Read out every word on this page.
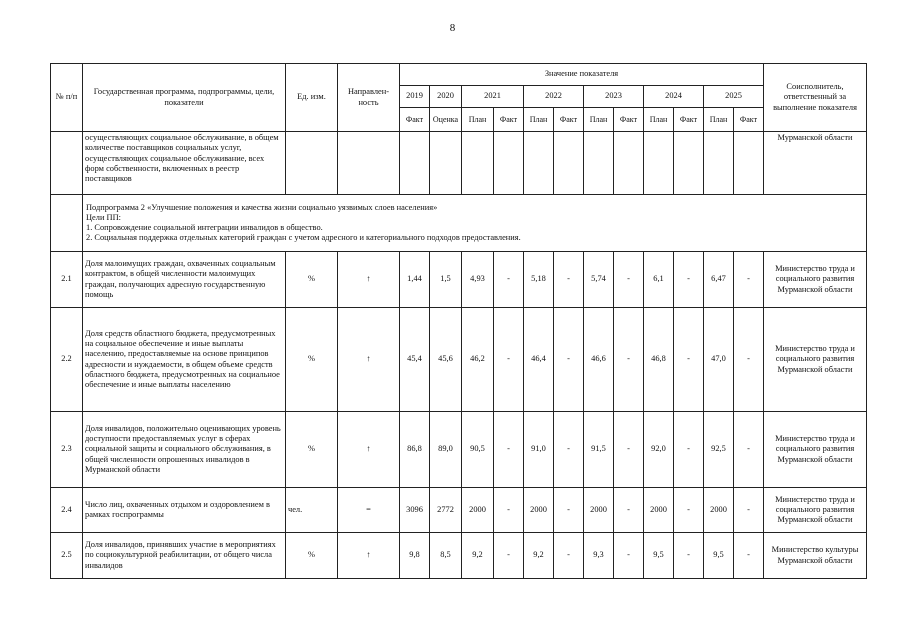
8
№ п/п	Государственная программа, подпрограммы, цели, показатели	Ед. изм.	Направлен-ность	Значение показателя												Соисполнитель, ответственный за выполнение показателя
				2019	2020	2021		2022		2023		2024		2025		
				Факт	Оценка	План	Факт	План	Факт	План	Факт	План	Факт	План	Факт	
	осуществляющих социальное обслуживание, в общем количестве поставщиков социальных услуг, осуществляющих социальное обслуживание, всех форм собственности, включенных в реестр поставщиков															Мурманской области

	Подпрограмма 2 «Улучшение положения и качества жизни социально уязвимых слоев населения»
Цели ПП:
1. Сопровождение социальной интеграции инвалидов в общество.
2. Социальная поддержка отдельных категорий граждан с учетом адресного и категориального подходов предоставления.															

2.1	Доля малоимущих граждан, охваченных социальным контрактом, в общей численности малоимущих граждан, получающих адресную государственную помощь	%	↑	1,44	1,5	4,93	-	5,18	-	5,74	-	6,1	-	6,47	-	Министерство труда и социального развития Мурманской области
2.2	Доля средств областного бюджета, предусмотренных на социальное обеспечение и иные выплаты населению, предоставляемые на основе принципов адресности и нуждаемости, в общем объеме средств областного бюджета, предусмотренных на социальное обеспечение и иные выплаты населению	%	↑	45,4	45,6	46,2	-	46,4	-	46,6	-	46,8	-	47,0	-	Министерство труда и социального развития Мурманской области
2.3	Доля инвалидов, положительно оценивающих уровень доступности предоставляемых услуг в сферах социальной защиты и социального обслуживания, в общей численности опрошенных инвалидов в Мурманской области	%	↑	86,8	89,0	90,5	-	91,0	-	91,5	-	92,0	-	92,5	-	Министерство труда и социального развития Мурманской области
2.4	Число лиц, охваченных отдыхом и оздоровлением в рамках госпрограммы	чел.	=	3096	2772	2000	-	2000	-	2000	-	2000	-	2000	-	Министерство труда и социального развития Мурманской области
2.5	Доля инвалидов, принявших участие в мероприятиях по социокультурной реабилитации, от общего числа инвалидов	%	↑	9,8	8,5	9,2	-	9,2	-	9,3	-	9,5	-	9,5	-	Министерство культуры Мурманской области
